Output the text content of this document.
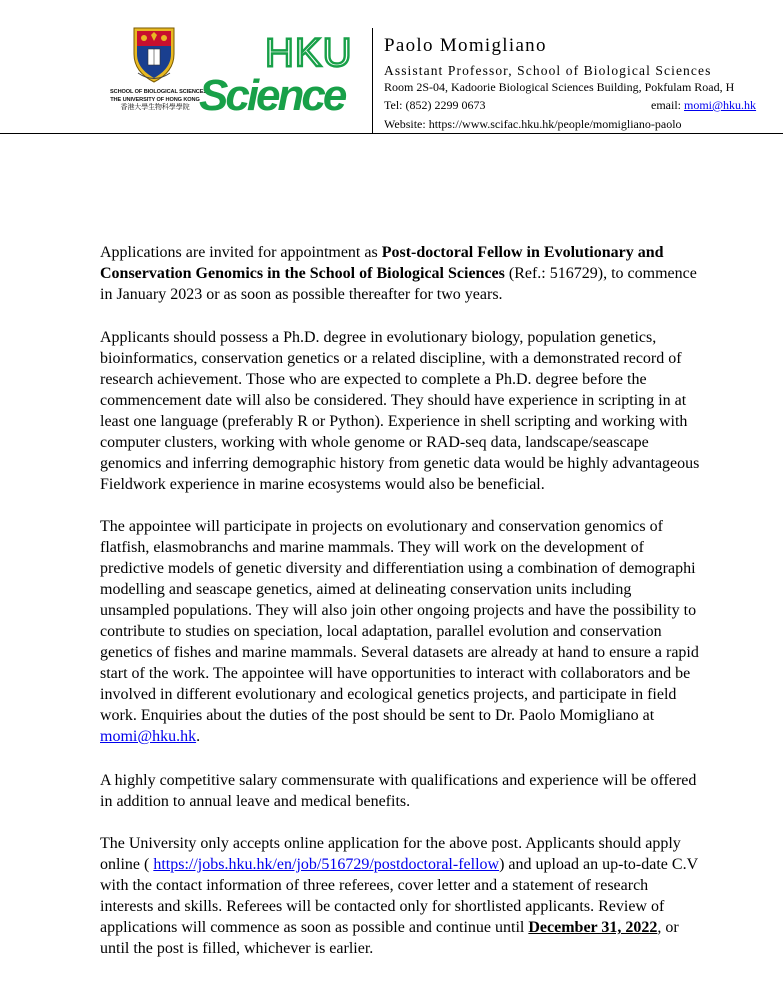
SCHOOL OF BIOLOGICAL SCIENCES
THE UNIVERSITY OF HONG KONG
香港大學生物科學學院
HKU
Science
Paolo Momigliano
Assistant Professor, School of Biological Sciences
Room 2S-04, Kadoorie Biological Sciences Building, Pokfulam Road, H
Tel: (852) 2299 0673	email: momi@hku.hk
Website: https://www.scifac.hku.hk/people/momigliano-paolo

Applications are invited for appointment as Post-doctoral Fellow in Evolutionary and

Conservation Genomics in the School of Biological Sciences (Ref.: 516729), to commence

in January 2023 or as soon as possible thereafter for two years.

Applicants should possess a Ph.D. degree in evolutionary biology, population genetics,

bioinformatics, conservation genetics or a related discipline, with a demonstrated record of

research achievement. Those who are expected to complete a Ph.D. degree before the

commencement date will also be considered. They should have experience in scripting in at

least one language (preferably R or Python). Experience in shell scripting and working with

computer clusters, working with whole genome or RAD-seq data, landscape/seascape

genomics and inferring demographic history from genetic data would be highly advantageous

Fieldwork experience in marine ecosystems would also be beneficial.

The appointee will participate in projects on evolutionary and conservation genomics of

flatfish, elasmobranchs and marine mammals. They will work on the development of

predictive models of genetic diversity and differentiation using a combination of demographi

modelling and seascape genetics, aimed at delineating conservation units including

unsampled populations. They will also join other ongoing projects and have the possibility to

contribute to studies on speciation, local adaptation, parallel evolution and conservation

genetics of fishes and marine mammals. Several datasets are already at hand to ensure a rapid

start of the work. The appointee will have opportunities to interact with collaborators and be

involved in different evolutionary and ecological genetics projects, and participate in field

work. Enquiries about the duties of the post should be sent to Dr. Paolo Momigliano at

momi@hku.hk.

A highly competitive salary commensurate with qualifications and experience will be offered

in addition to annual leave and medical benefits.

The University only accepts online application for the above post. Applicants should apply

online ( https://jobs.hku.hk/en/job/516729/postdoctoral-fellow) and upload an up-to-date C.V

with the contact information of three referees, cover letter and a statement of research

interests and skills. Referees will be contacted only for shortlisted applicants. Review of

applications will commence as soon as possible and continue until December 31, 2022, or

until the post is filled, whichever is earlier.
